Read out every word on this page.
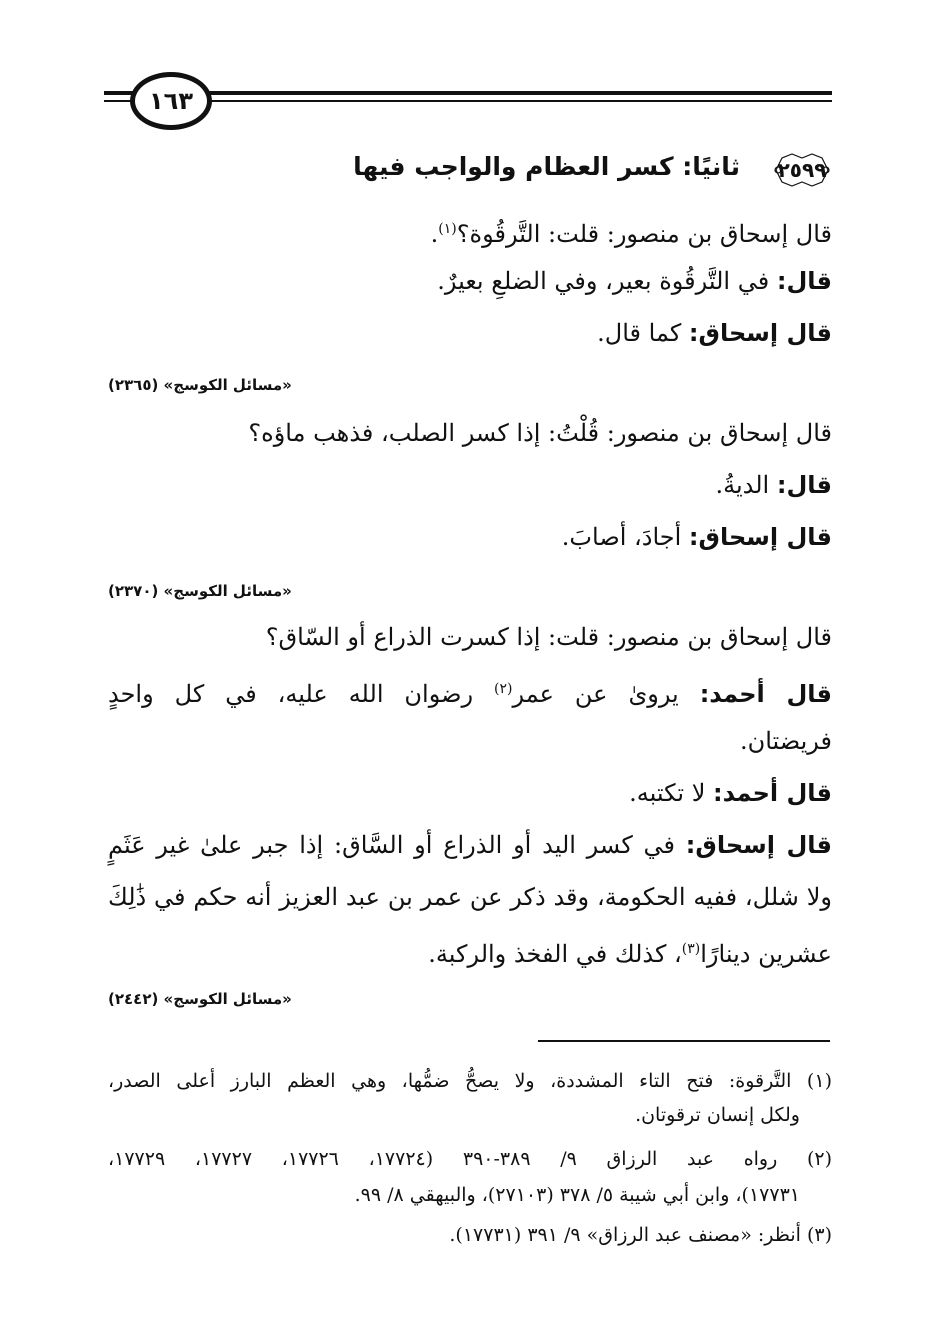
١٦٣
٢٥٩٩
ثانيًا: كسر العظام والواجب فيها
قال إسحاق بن منصور: قلت: التَّرقُوة؟$^{(١)}$.
قال: في التَّرقُوة بعير، وفي الضلعِ بعيرٌ.
قال إسحاق: كما قال.
«مسائل الكوسج» (٢٣٦٥)
قال إسحاق بن منصور: قُلْتُ: إذا كسر الصلب، فذهب ماؤه؟
قال: الديةُ.
قال إسحاق: أجادَ، أصابَ.
«مسائل الكوسج» (٢٣٧٠)
قال إسحاق بن منصور: قلت: إذا كسرت الذراع أو السّاق؟
قال أحمد: يروىٰ عن عمر$^{(٢)}$ رضوان الله عليه، في كل واحدٍ
فريضتان.
قال أحمد: لا تكتبه.
قال إسحاق: في كسر اليد أو الذراع أو السَّاق: إذا جبر علىٰ غير عَثَمٍ
ولا شلل، ففيه الحكومة، وقد ذكر عن عمر بن عبد العزيز أنه حكم في ذَٰلِكَ
عشرين دينارًا$^{(٣)}$، كذلك في الفخذ والركبة.
«مسائل الكوسج» (٢٤٤٢)
(١) التَّرقوة: فتح التاء المشددة، ولا يصحُّ ضمُّها، وهي العظم البارز أعلى الصدر،
ولكل إنسان ترقوتان.
(٢) رواه عبد الرزاق ٩/ ٣٨٩-٣٩٠ (١٧٧٢٤، ١٧٧٢٦، ١٧٧٢٧، ١٧٧٢٩،
١٧٧٣١)، وابن أبي شيبة ٥/ ٣٧٨ (٢٧١٠٣)، والبيهقي ٨/ ٩٩.
(٣) أنظر: «مصنف عبد الرزاق» ٩/ ٣٩١ (١٧٧٣١).
